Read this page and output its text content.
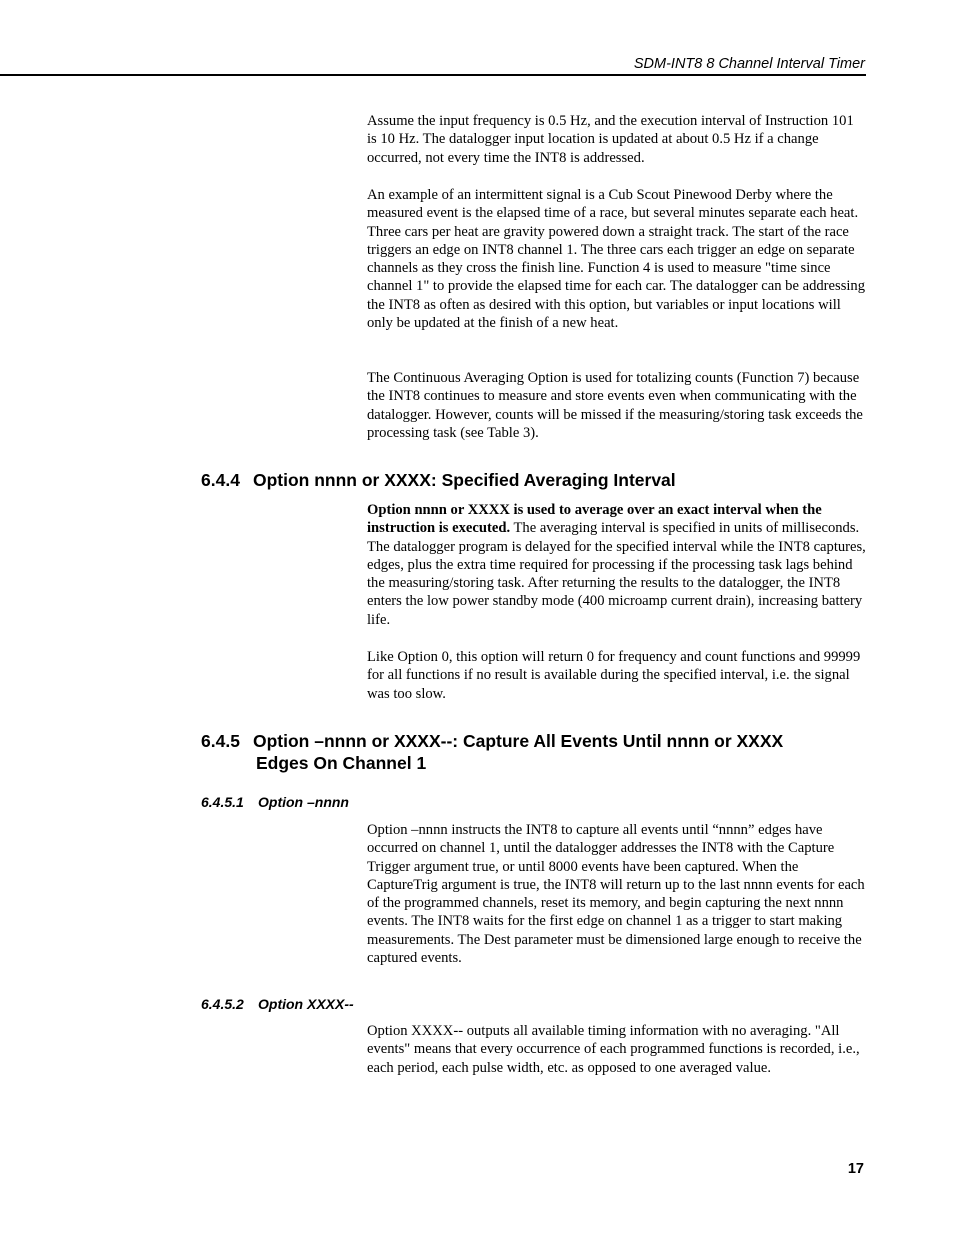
SDM-INT8 8 Channel Interval Timer

Assume the input frequency is 0.5 Hz, and the execution interval of Instruction 101 is 10 Hz. The datalogger input location is updated at about 0.5 Hz if a change occurred, not every time the INT8 is addressed.

An example of an intermittent signal is a Cub Scout Pinewood Derby where the measured event is the elapsed time of a race, but several minutes separate each heat. Three cars per heat are gravity powered down a straight track. The start of the race triggers an edge on INT8 channel 1. The three cars each trigger an edge on separate channels as they cross the finish line. Function 4 is used to measure "time since channel 1" to provide the elapsed time for each car. The datalogger can be addressing the INT8 as often as desired with this option, but variables or input locations will only be updated at the finish of a new heat.

The Continuous Averaging Option is used for totalizing counts (Function 7) because the INT8 continues to measure and store events even when communicating with the datalogger. However, counts will be missed if the measuring/storing task exceeds the processing task (see Table 3).

6.4.4 Option nnnn or XXXX: Specified Averaging Interval

Option nnnn or XXXX is used to average over an exact interval when the instruction is executed. The averaging interval is specified in units of milliseconds. The datalogger program is delayed for the specified interval while the INT8 captures, edges, plus the extra time required for processing if the processing task lags behind the measuring/storing task. After returning the results to the datalogger, the INT8 enters the low power standby mode (400 microamp current drain), increasing battery life.

Like Option 0, this option will return 0 for frequency and count functions and 99999 for all functions if no result is available during the specified interval, i.e. the signal was too slow.

6.4.5 Option –nnnn or XXXX--: Capture All Events Until nnnn or XXXX
Edges On Channel 1
6.4.5.1 Option –nnnn

Option –nnnn instructs the INT8 to capture all events until “nnnn” edges have occurred on channel 1, until the datalogger addresses the INT8 with the Capture Trigger argument true, or until 8000 events have been captured. When the CaptureTrig argument is true, the INT8 will return up to the last nnnn events for each of the programmed channels, reset its memory, and begin capturing the next nnnn events. The INT8 waits for the first edge on channel 1 as a trigger to start making measurements. The Dest parameter must be dimensioned large enough to receive the captured events.

6.4.5.2 Option XXXX--

Option XXXX-- outputs all available timing information with no averaging. "All events" means that every occurrence of each programmed functions is recorded, i.e., each period, each pulse width, etc. as opposed to one averaged value.

17
